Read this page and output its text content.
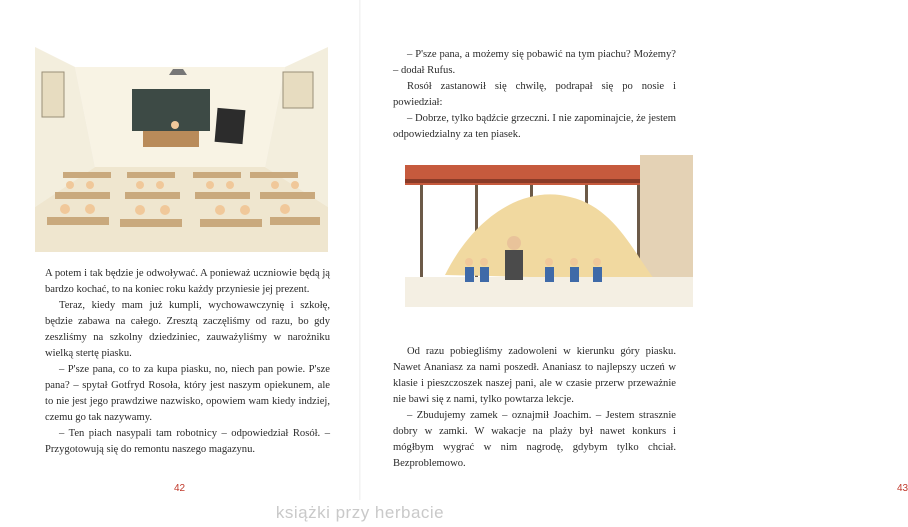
A potem i tak będzie je odwoływać. A ponieważ uczniowie będą ją bardzo kochać, to na koniec roku każdy przyniesie jej prezent.

Teraz, kiedy mam już kumpli, wychowawczynię i szkołę, będzie zabawa na całego. Zresztą zaczęliśmy od razu, bo gdy zeszliśmy na szkolny dziedziniec, zauważyliśmy w narożniku wielką stertę piasku.

– P'sze pana, co to za kupa piasku, no, niech pan powie. P'sze pana? – spytał Gotfryd Rosoła, który jest naszym opiekunem, ale to nie jest jego prawdziwe nazwisko, opowiem wam kiedy indziej, czemu go tak nazywamy.

– Ten piach nasypali tam robotnicy – odpowiedział Rosół. – Przygotowują się do remontu naszego magazynu.

42

– P'sze pana, a możemy się pobawić na tym piachu? Możemy? – dodał Rufus.

Rosół zastanowił się chwilę, podrapał się po nosie i powiedział:

– Dobrze, tylko bądźcie grzeczni. I nie zapominajcie, że jestem odpowiedzialny za ten piasek.

Od razu pobiegliśmy zadowoleni w kierunku góry piasku. Nawet Ananiasz za nami poszedł. Ananiasz to najlepszy uczeń w klasie i pieszczoszek naszej pani, ale w czasie przerw przeważnie nie bawi się z nami, tylko powtarza lekcje.

– Zbudujemy zamek – oznajmił Joachim. – Jestem strasznie dobry w zamki. W wakacje na plaży był nawet konkurs i mógłbym wygrać w nim nagrodę, gdybym tylko chciał. Bezproblemowo.

43
książki przy herbacie
